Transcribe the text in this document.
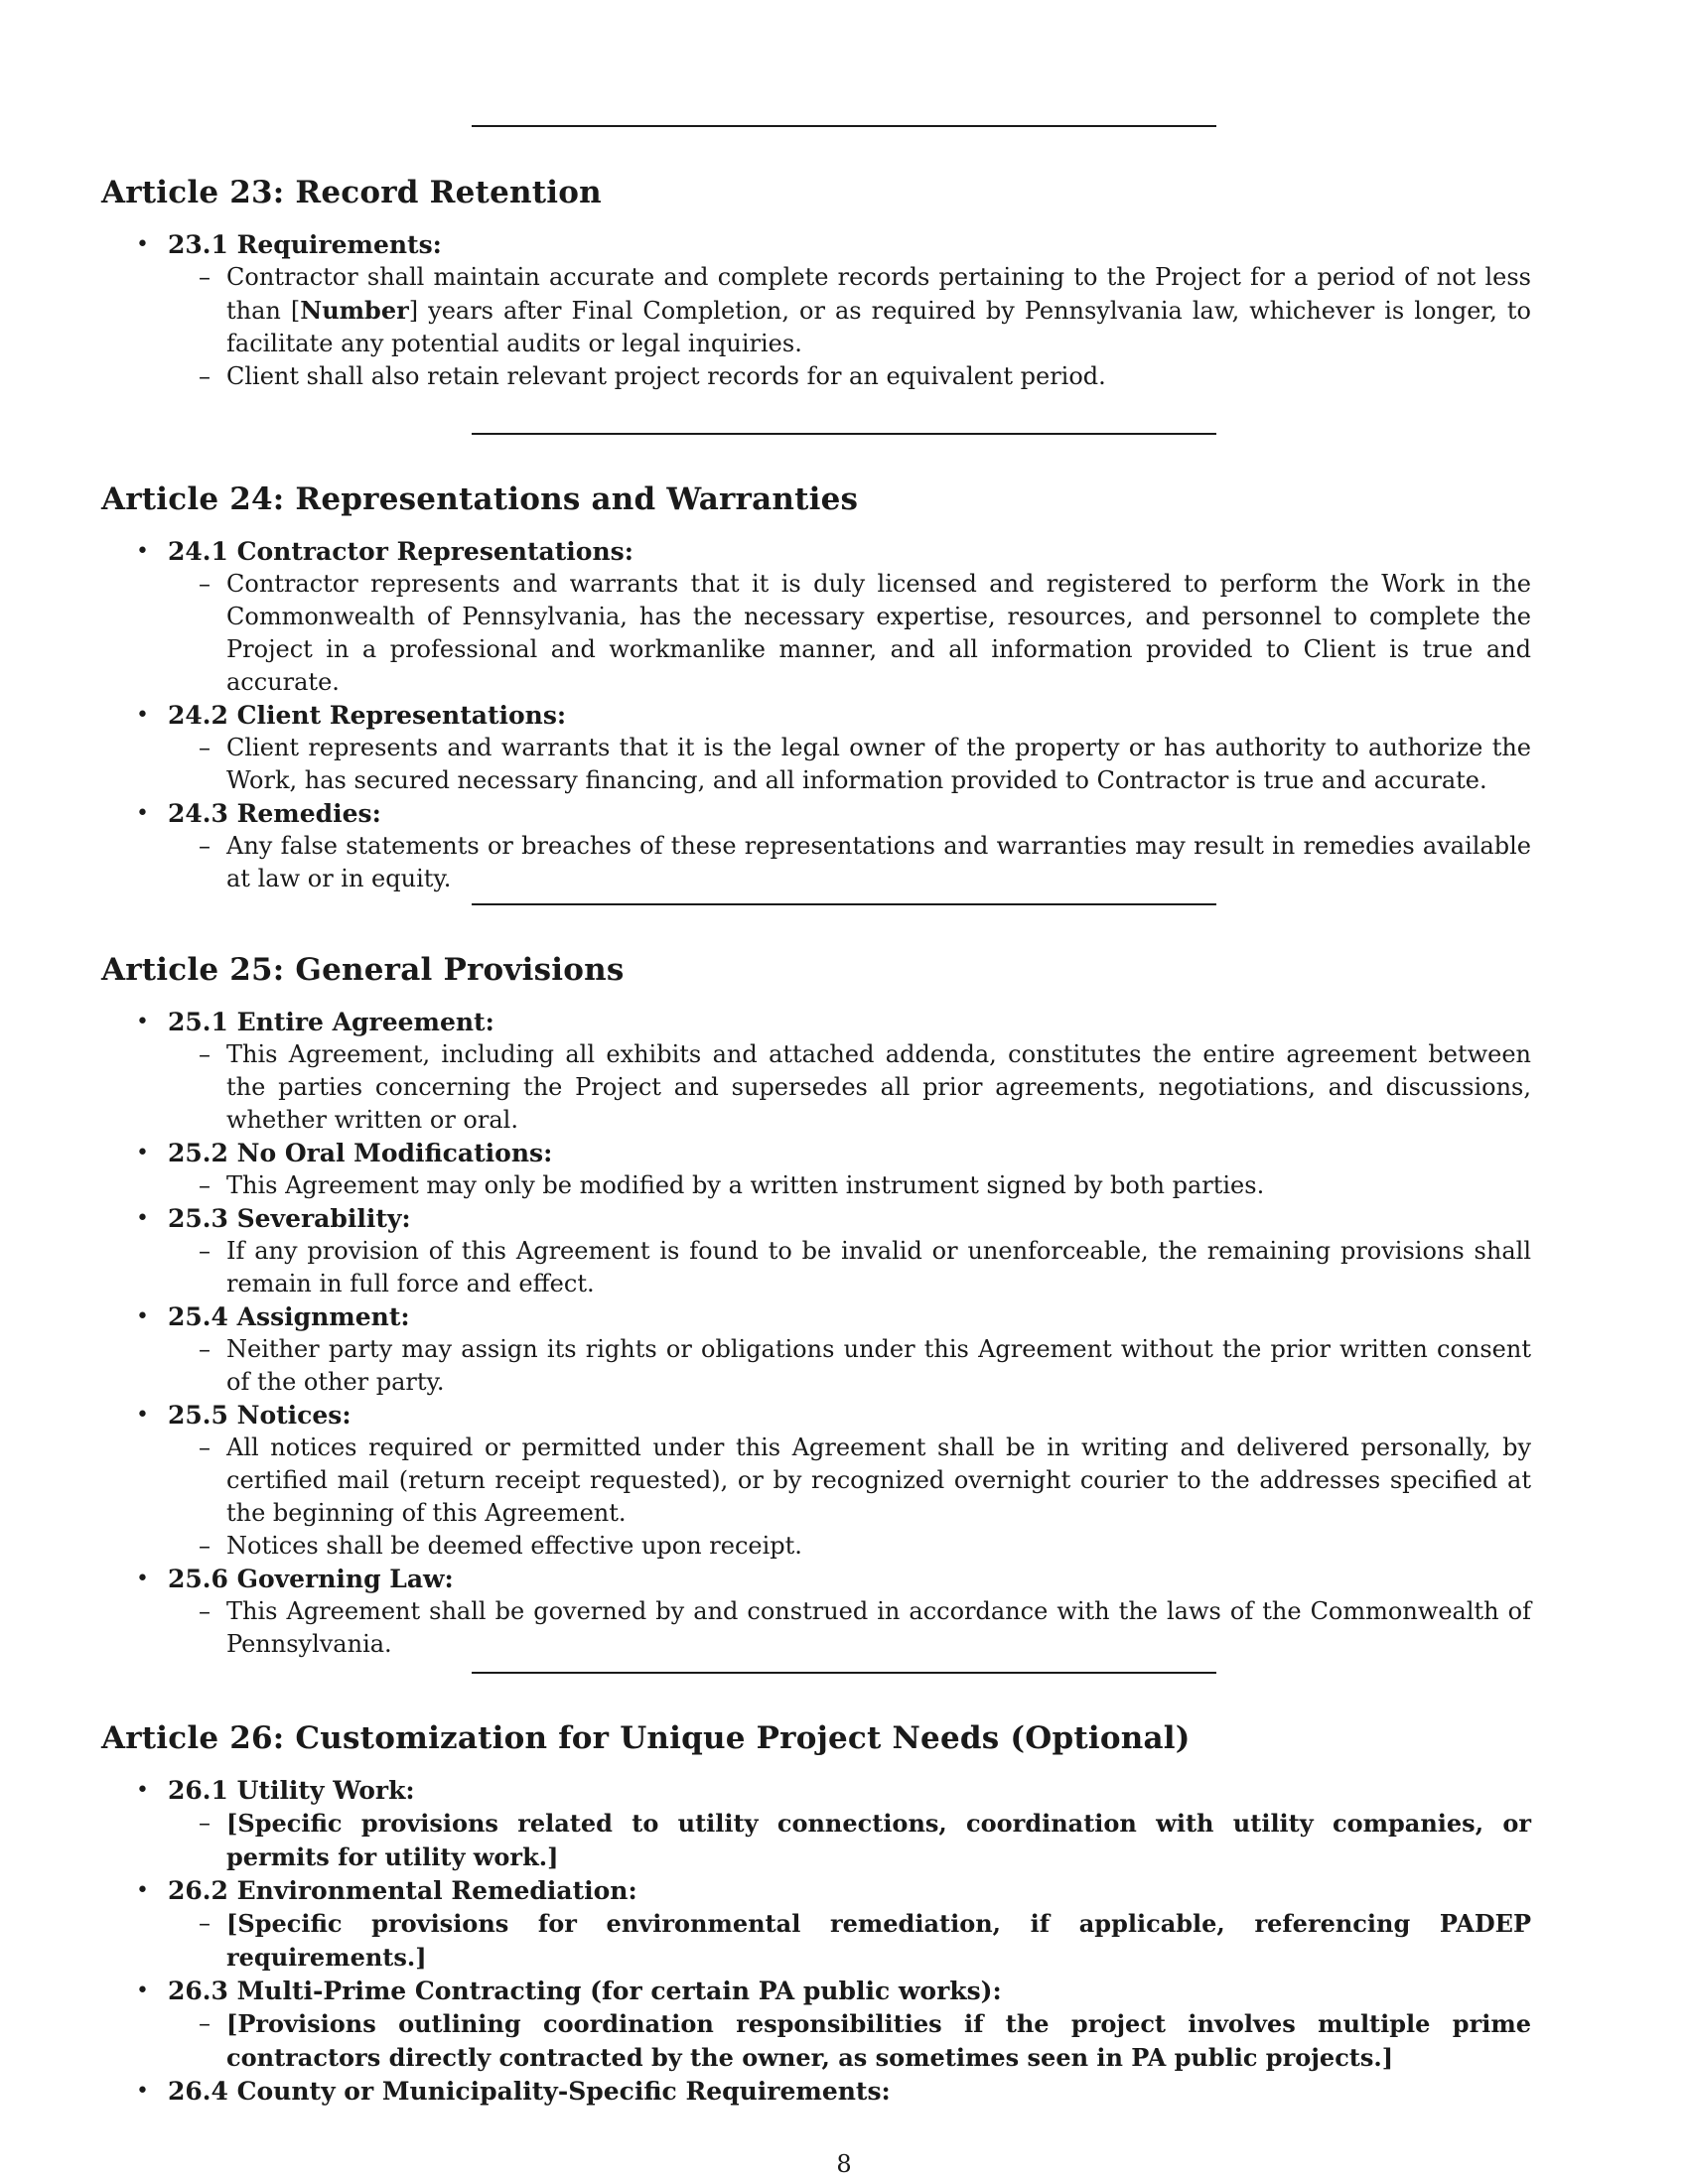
Article 23: Record Retention
• 23.1 Requirements:
– Contractor shall maintain accurate and complete records pertaining to the Project for a period of not less than [Number] years after Final Completion, or as required by Pennsylvania law, whichever is longer, to facilitate any potential audits or legal inquiries.
– Client shall also retain relevant project records for an equivalent period.
Article 24: Representations and Warranties
• 24.1 Contractor Representations:
– Contractor represents and warrants that it is duly licensed and registered to perform the Work in the Commonwealth of Pennsylvania, has the necessary expertise, resources, and personnel to complete the Project in a professional and workmanlike manner, and all information provided to Client is true and accurate.
• 24.2 Client Representations:
– Client represents and warrants that it is the legal owner of the property or has authority to authorize the Work, has secured necessary financing, and all information provided to Contractor is true and accurate.
• 24.3 Remedies:
– Any false statements or breaches of these representations and warranties may result in remedies available at law or in equity.
Article 25: General Provisions
• 25.1 Entire Agreement:
– This Agreement, including all exhibits and attached addenda, constitutes the entire agreement between the parties concerning the Project and supersedes all prior agreements, negotiations, and discussions, whether written or oral.
• 25.2 No Oral Modifications:
– This Agreement may only be modified by a written instrument signed by both parties.
• 25.3 Severability:
– If any provision of this Agreement is found to be invalid or unenforceable, the remaining provisions shall remain in full force and effect.
• 25.4 Assignment:
– Neither party may assign its rights or obligations under this Agreement without the prior written consent of the other party.
• 25.5 Notices:
– All notices required or permitted under this Agreement shall be in writing and delivered personally, by certified mail (return receipt requested), or by recognized overnight courier to the addresses specified at the beginning of this Agreement.
– Notices shall be deemed effective upon receipt.
• 25.6 Governing Law:
– This Agreement shall be governed by and construed in accordance with the laws of the Commonwealth of Pennsylvania.
Article 26: Customization for Unique Project Needs (Optional)
• 26.1 Utility Work:
– [Specific provisions related to utility connections, coordination with utility companies, or permits for utility work.]
• 26.2 Environmental Remediation:
– [Specific provisions for environmental remediation, if applicable, referencing PADEP requirements.]
• 26.3 Multi-Prime Contracting (for certain PA public works):
– [Provisions outlining coordination responsibilities if the project involves multiple prime contractors directly contracted by the owner, as sometimes seen in PA public projects.]
• 26.4 County or Municipality-Specific Requirements:
8
